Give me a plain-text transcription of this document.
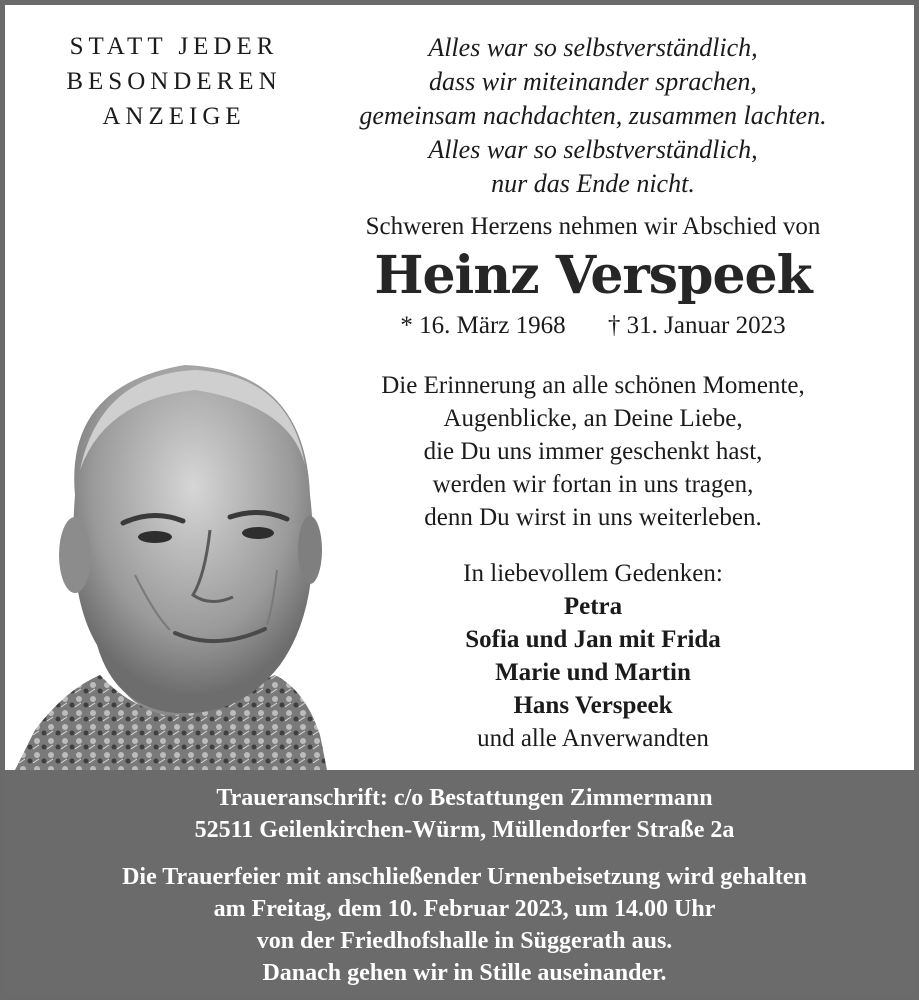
STATT JEDER
BESONDEREN
ANZEIGE
Alles war so selbstverständlich,
dass wir miteinander sprachen,
gemeinsam nachdachten, zusammen lachten.
Alles war so selbstverständlich,
nur das Ende nicht.
Schweren Herzens nehmen wir Abschied von
Heinz Verspeek
* 16. März 1968 † 31. Januar 2023
Die Erinnerung an alle schönen Momente,
Augenblicke, an Deine Liebe,
die Du uns immer geschenkt hast,
werden wir fortan in uns tragen,
denn Du wirst in uns weiterleben.
In liebevollem Gedenken:
Petra
Sofia und Jan mit Frida
Marie und Martin
Hans Verspeek
und alle Anverwandten
Traueranschrift: c/o Bestattungen Zimmermann
52511 Geilenkirchen-Würm, Müllendorfer Straße 2a
Die Trauerfeier mit anschließender Urnenbeisetzung wird gehalten
am Freitag, dem 10. Februar 2023, um 14.00 Uhr
von der Friedhofshalle in Süggerath aus.
Danach gehen wir in Stille auseinander.
